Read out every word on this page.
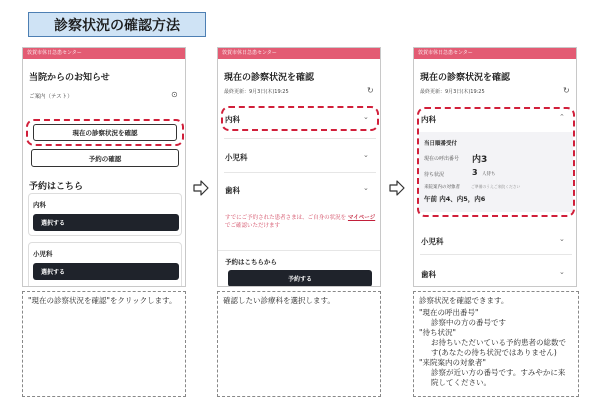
診察状況の確認方法
敦賀市休日急患センター
当院からのお知らせ
ご案内（テスト）	⊙
現在の診察状況を確認
予約の確認
予約はこちら
内科
選択する
小児科
選択する
敦賀市休日急患センター
現在の診察状況を確認
最終更新：9月3日(木)19:25	↻
内科	⌄
小児科	⌄
歯科	⌄
すでにご予約された患者さまは、ご自身の状況を マイページ でご確認いただけます
予約はこちらから
予約する
敦賀市休日急患センター
現在の診察状況を確認
最終更新：9月3日(木)19:25	↻
内科	⌃
当日順番受付
現在の呼出番号 内3
待ち状況	3 人待ち
来院案内の対象者	ご準備のうえご来院ください
午前 内4、内5，内6
小児科	⌄
歯科	⌄
"現在の診察状況を確認"をクリックします。	確認したい診療科を選択します。	診察状況を確認できます。
"現在の呼出番号"
診察中の方の番号です
"待ち状況"
お待ちいただいている予約患者の総数で
す(あなたの待ち状況ではありません)
"来院案内の対象者"
診察が近い方の番号です。すみやかに来
院してください。
